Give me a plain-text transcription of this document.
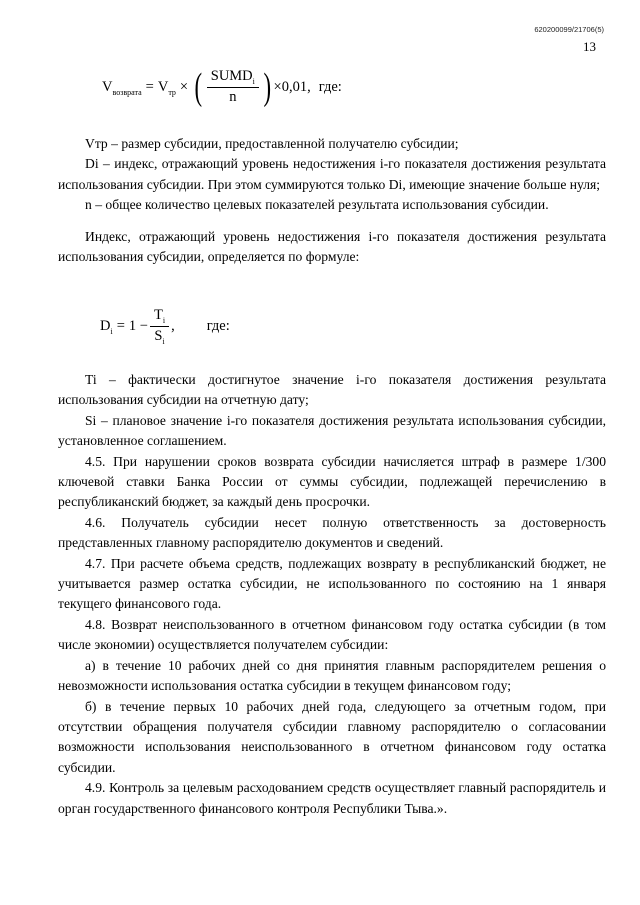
620200099/21706(5)
13
$V_{возврата} = V_{тр}$ × ( $\frac{SUMD_i}{n}$ ) ×0,01, где:

Vтр – размер субсидии, предоставленной получателю субсидии;

Di – индекс, отражающий уровень недостижения i-го показателя достижения результата использования субсидии. При этом суммируются только Di, имеющие значение больше нуля;

n – общее количество целевых показателей результата использования субсидии.

Индекс, отражающий уровень недостижения i-го показателя достижения результата использования субсидии, определяется по формуле:

$D_i = 1 - \frac{T_i}{S_i}$ , где:

Ti – фактически достигнутое значение i-го показателя достижения результата использования субсидии на отчетную дату;

Si – плановое значение i-го показателя достижения результата использования субсидии, установленное соглашением.

4.5. При нарушении сроков возврата субсидии начисляется штраф в размере 1/300 ключевой ставки Банка России от суммы субсидии, подлежащей перечислению в республиканский бюджет, за каждый день просрочки.

4.6. Получатель субсидии несет полную ответственность за достоверность представленных главному распорядителю документов и сведений.

4.7. При расчете объема средств, подлежащих возврату в республиканский бюджет, не учитывается размер остатка субсидии, не использованного по состоянию на 1 января текущего финансового года.

4.8. Возврат неиспользованного в отчетном финансовом году остатка субсидии (в том числе экономии) осуществляется получателем субсидии:

а) в течение 10 рабочих дней со дня принятия главным распорядителем решения о невозможности использования остатка субсидии в текущем финансовом году;

б) в течение первых 10 рабочих дней года, следующего за отчетным годом, при отсутствии обращения получателя субсидии главному распорядителю о согласовании возможности использования неиспользованного в отчетном финансовом году остатка субсидии.

4.9. Контроль за целевым расходованием средств осуществляет главный распорядитель и орган государственного финансового контроля Республики Тыва.».
